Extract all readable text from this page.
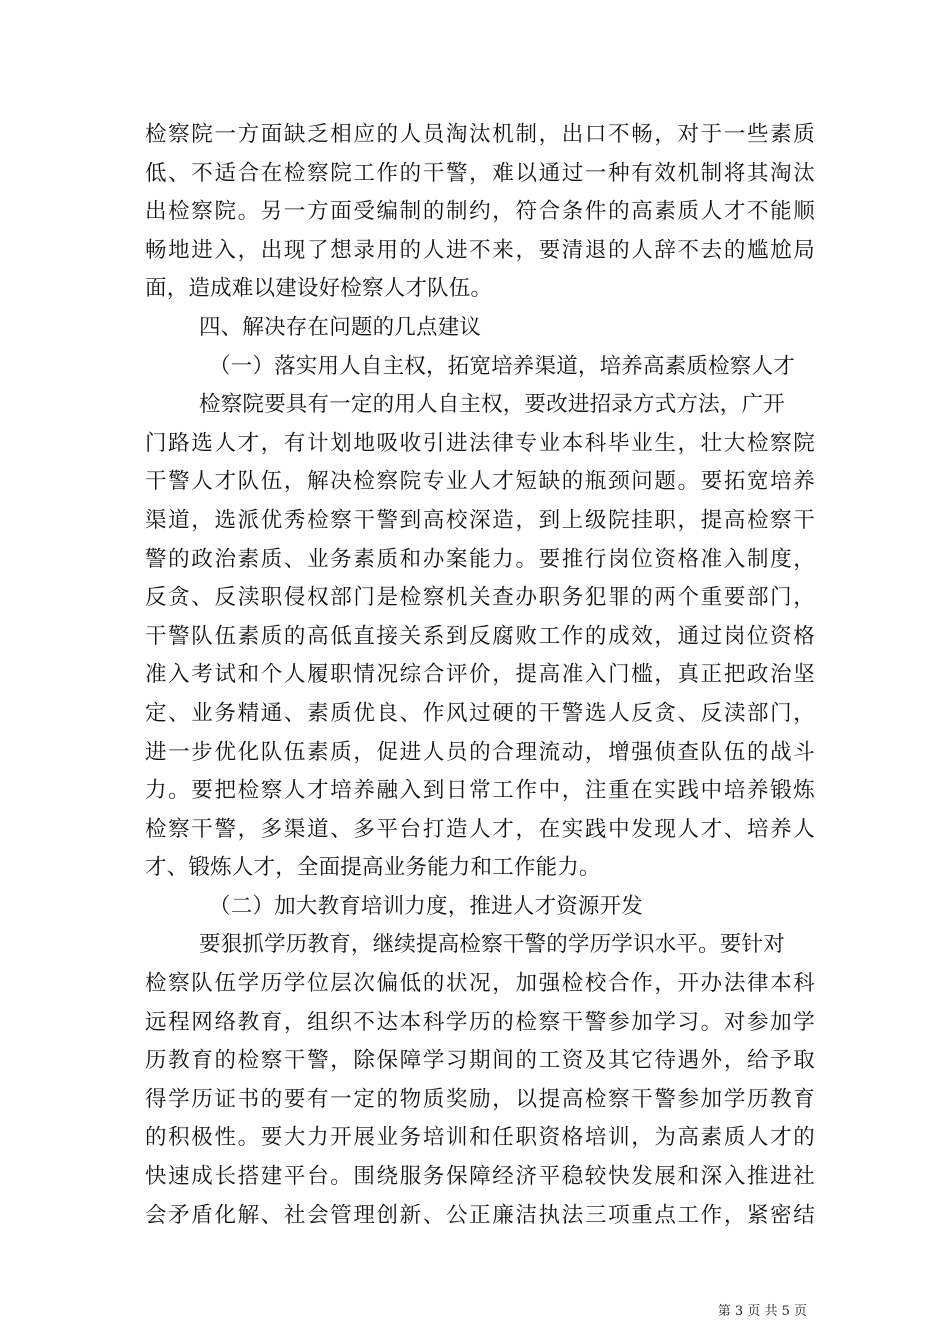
检察院一方面缺乏相应的人员淘汰机制，出口不畅，对于一些素质
低、不适合在检察院工作的干警，难以通过一种有效机制将其淘汰
出检察院。另一方面受编制的制约，符合条件的高素质人才不能顺
畅地进入，出现了想录用的人进不来，要清退的人辞不去的尴尬局
面，造成难以建设好检察人才队伍。
四、解决存在问题的几点建议
（一）落实用人自主权，拓宽培养渠道，培养高素质检察人才
检察院要具有一定的用人自主权，要改进招录方式方法，广开
门路选人才，有计划地吸收引进法律专业本科毕业生，壮大检察院
干警人才队伍，解决检察院专业人才短缺的瓶颈问题。要拓宽培养
渠道，选派优秀检察干警到高校深造，到上级院挂职，提高检察干
警的政治素质、业务素质和办案能力。要推行岗位资格准入制度，
反贪、反渎职侵权部门是检察机关查办职务犯罪的两个重要部门，
干警队伍素质的高低直接关系到反腐败工作的成效，通过岗位资格
准入考试和个人履职情况综合评价，提高准入门槛，真正把政治坚
定、业务精通、素质优良、作风过硬的干警选人反贪、反渎部门，
进一步优化队伍素质，促进人员的合理流动，增强侦查队伍的战斗
力。要把检察人才培养融入到日常工作中，注重在实践中培养锻炼
检察干警，多渠道、多平台打造人才，在实践中发现人才、培养人
才、锻炼人才，全面提高业务能力和工作能力。
（二）加大教育培训力度，推进人才资源开发
要狠抓学历教育，继续提高检察干警的学历学识水平。要针对
检察队伍学历学位层次偏低的状况，加强检校合作，开办法律本科
远程网络教育，组织不达本科学历的检察干警参加学习。对参加学
历教育的检察干警，除保障学习期间的工资及其它待遇外，给予取
得学历证书的要有一定的物质奖励，以提高检察干警参加学历教育
的积极性。要大力开展业务培训和任职资格培训，为高素质人才的
快速成长搭建平台。围绕服务保障经济平稳较快发展和深入推进社
会矛盾化解、社会管理创新、公正廉洁执法三项重点工作，紧密结
第 3 页 共 5 页
